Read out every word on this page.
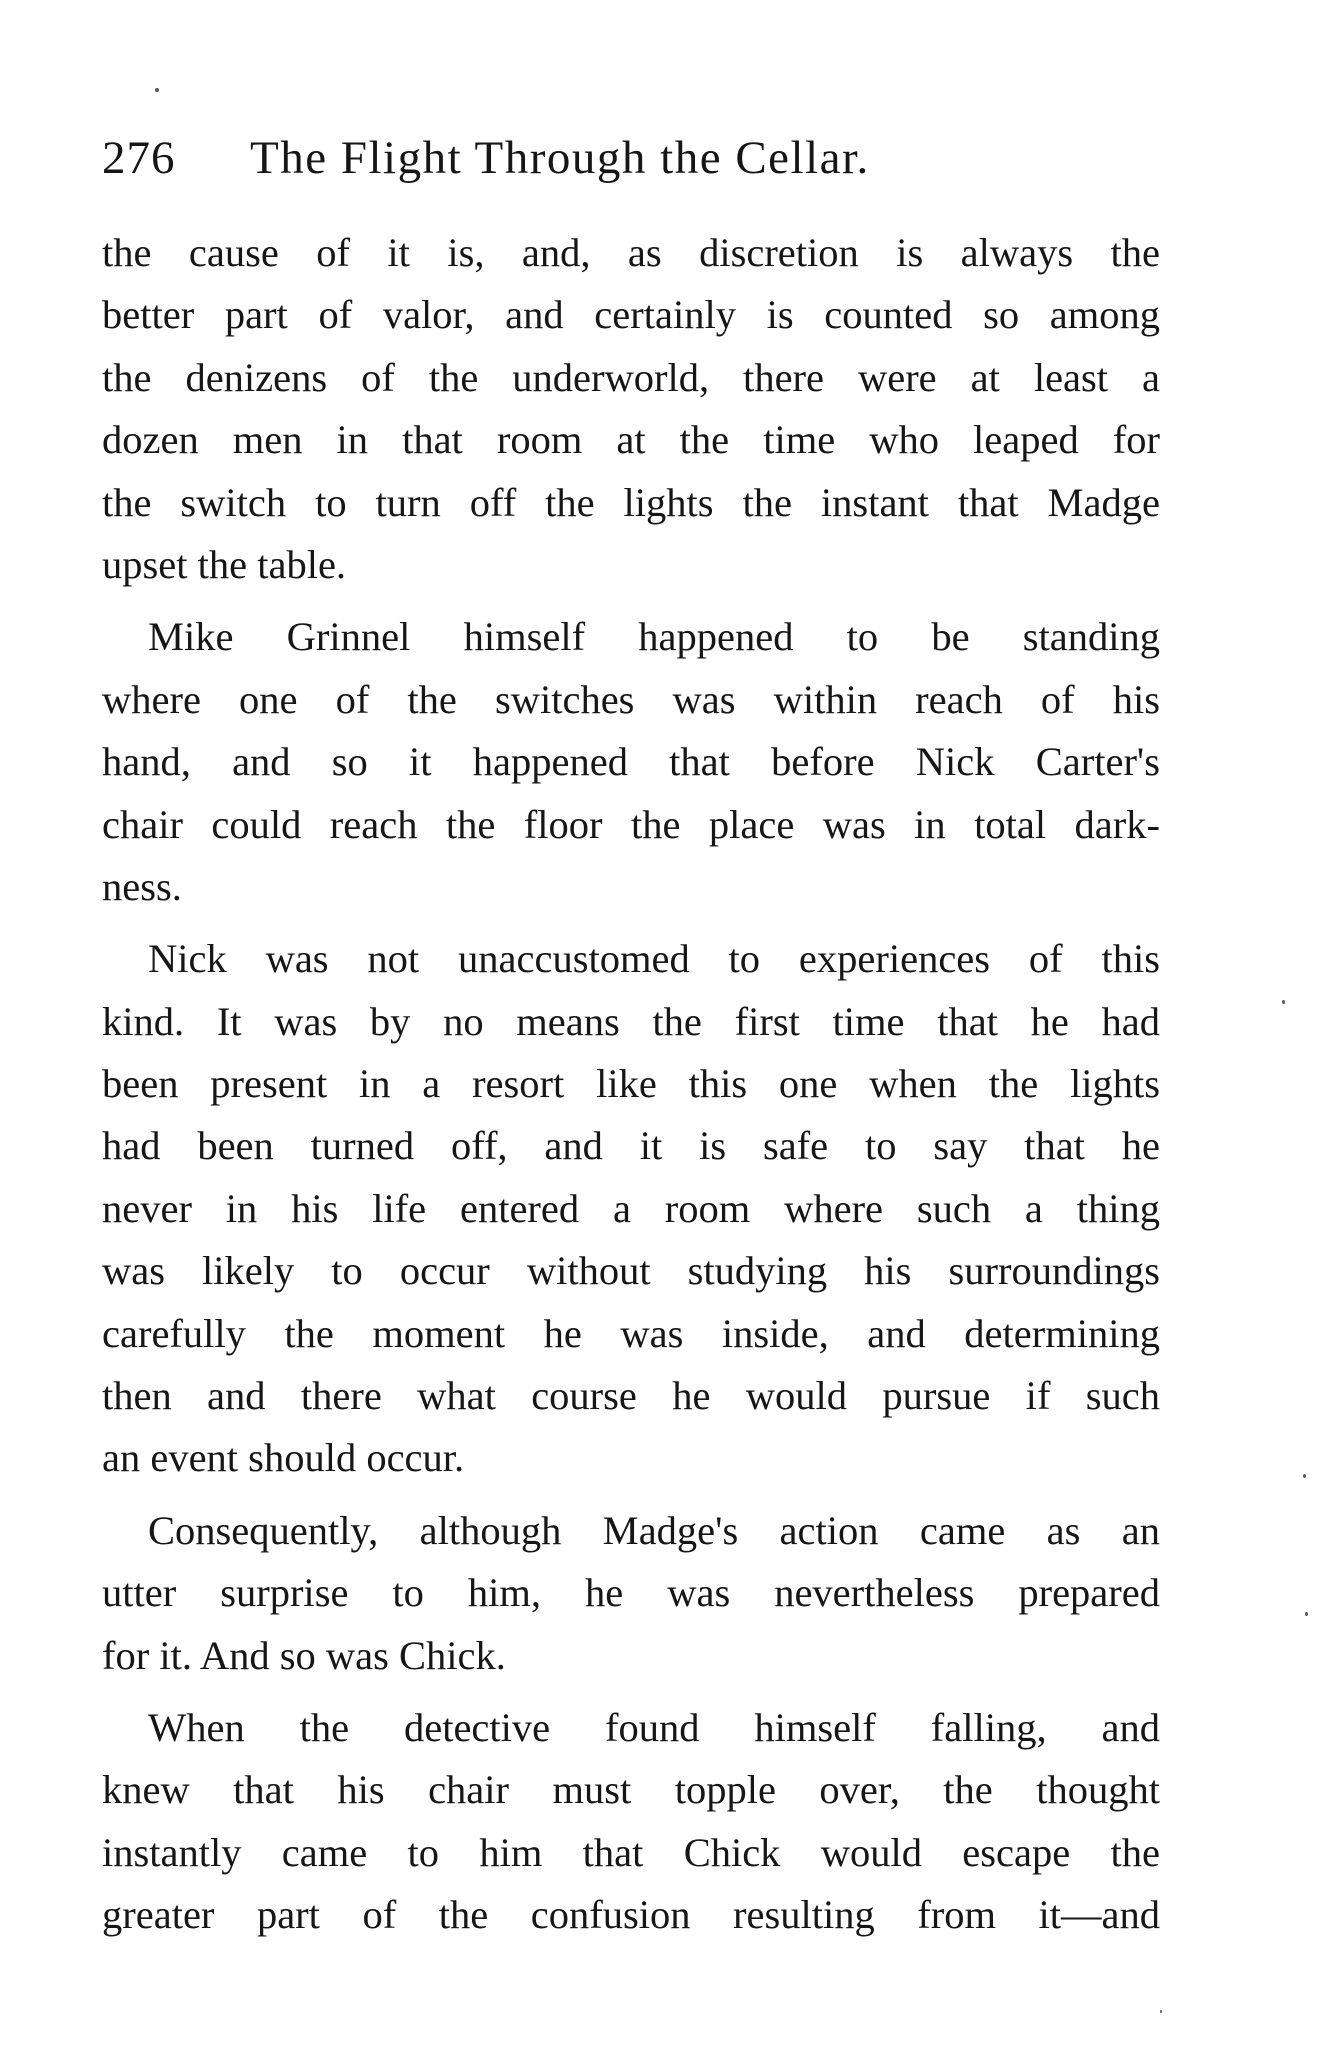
276 The Flight Through the Cellar.
the cause of it is, and, as discretion is always the
better part of valor, and certainly is counted so among
the denizens of the underworld, there were at least a
dozen men in that room at the time who leaped for
the switch to turn off the lights the instant that Madge
upset the table.
Mike Grinnel himself happened to be standing
where one of the switches was within reach of his
hand, and so it happened that before Nick Carter's
chair could reach the floor the place was in total dark-
ness.
Nick was not unaccustomed to experiences of this
kind. It was by no means the first time that he had
been present in a resort like this one when the lights
had been turned off, and it is safe to say that he
never in his life entered a room where such a thing
was likely to occur without studying his surroundings
carefully the moment he was inside, and determining
then and there what course he would pursue if such
an event should occur.
Consequently, although Madge's action came as an
utter surprise to him, he was nevertheless prepared
for it. And so was Chick.
When the detective found himself falling, and
knew that his chair must topple over, the thought
instantly came to him that Chick would escape the
greater part of the confusion resulting from it—and
